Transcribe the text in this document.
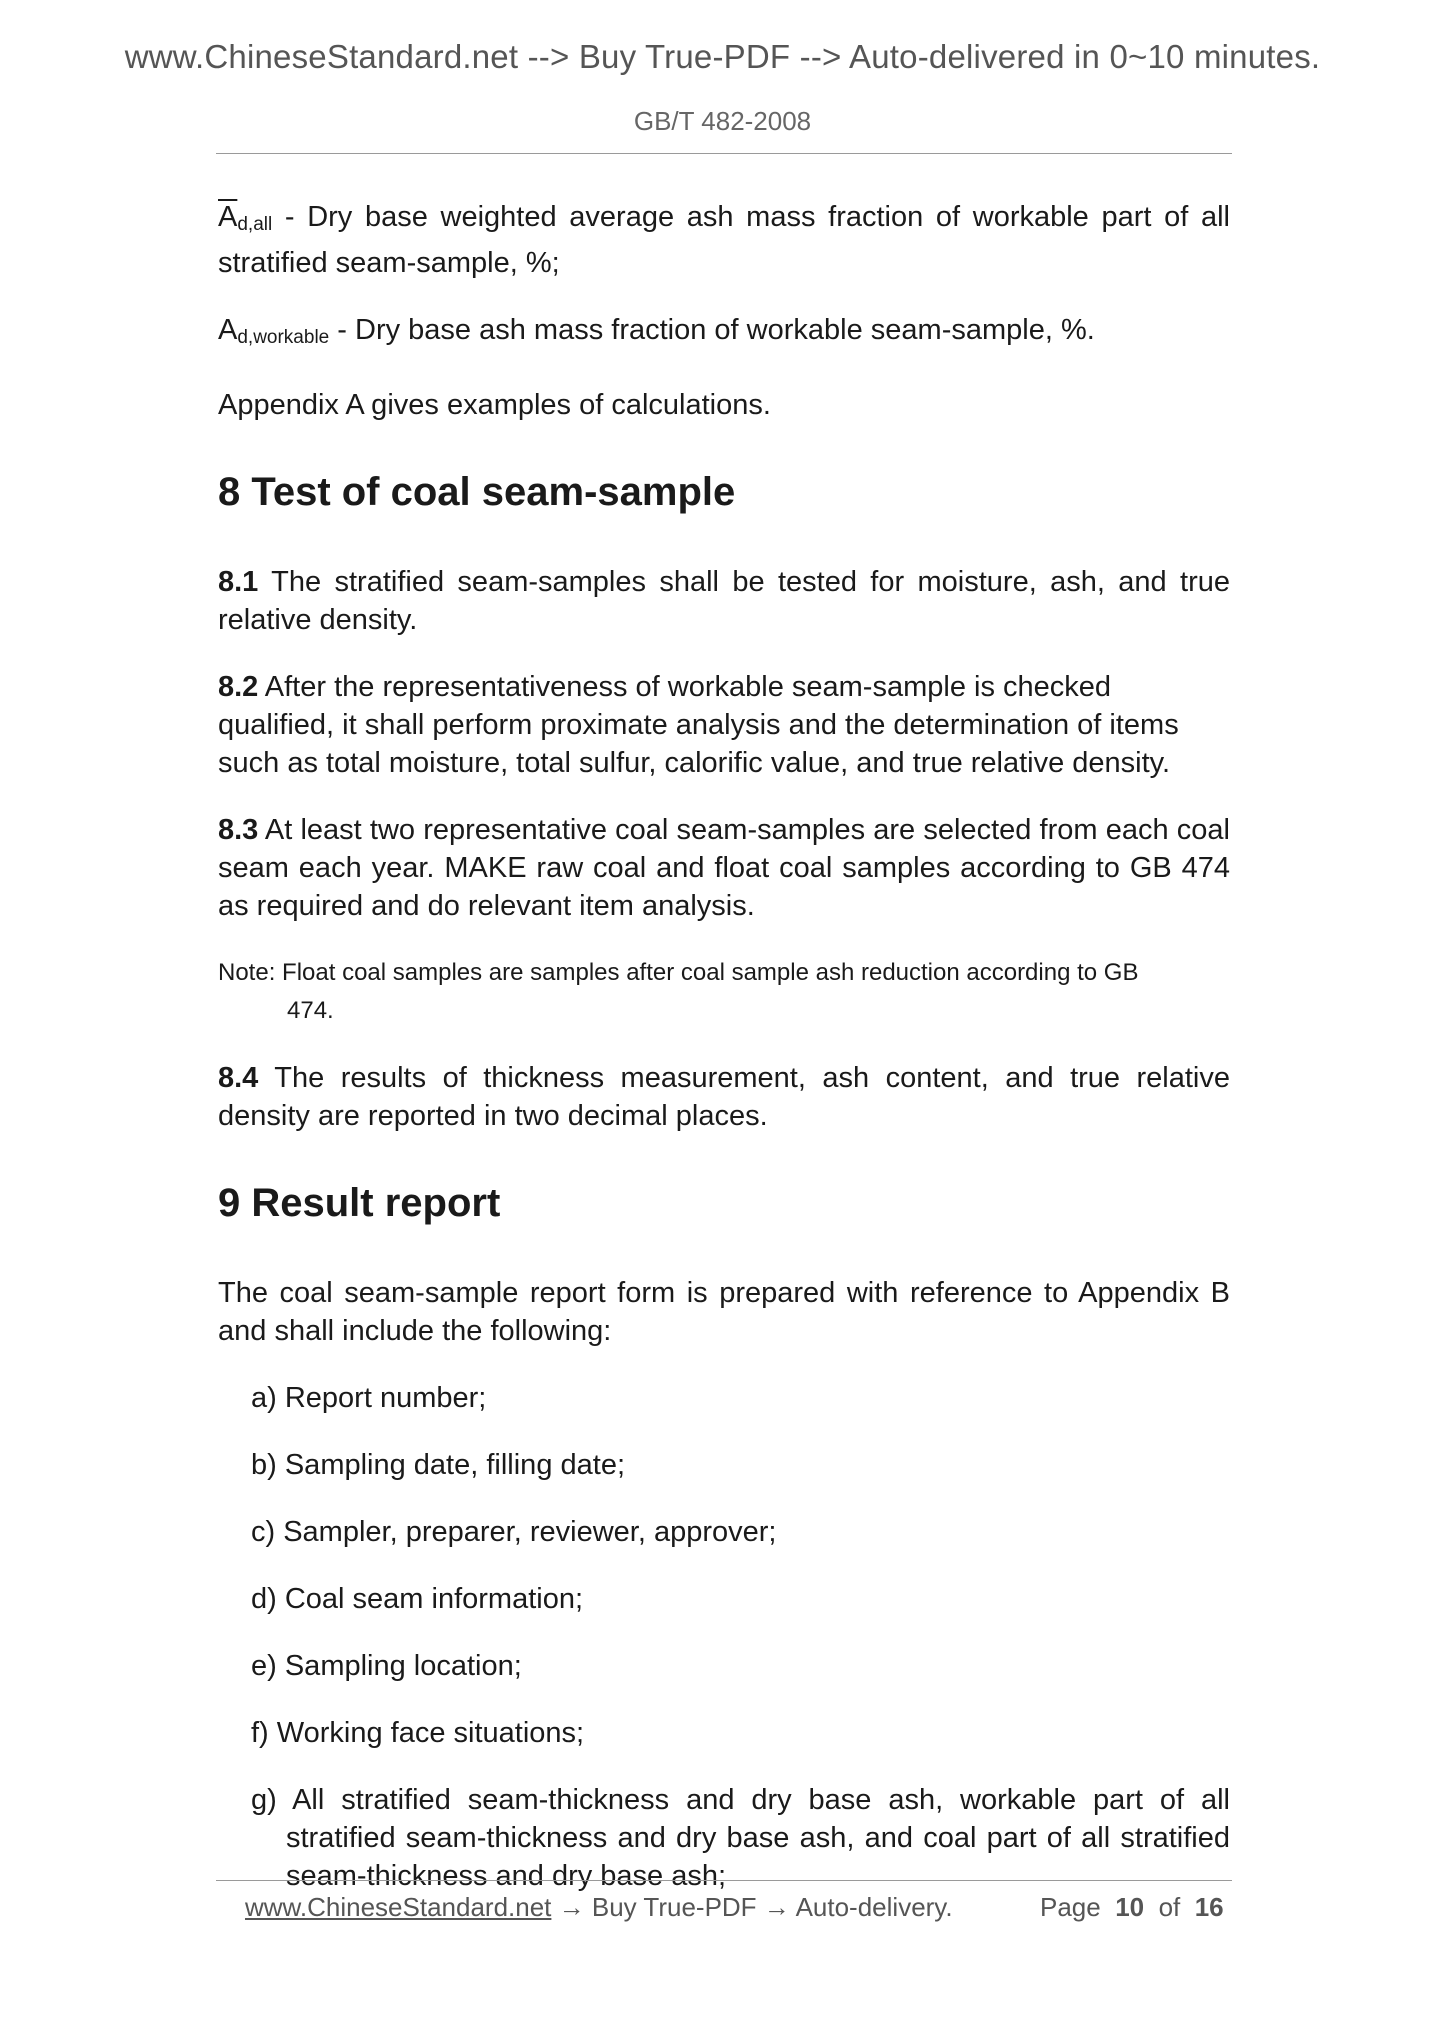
www.ChineseStandard.net --> Buy True-PDF --> Auto-delivered in 0~10 minutes.
GB/T 482-2008

$\overline{A}_{d,all}$ - Dry base weighted average ash mass fraction of workable part of all stratified seam-sample, %;

$A_{d,workable}$ - Dry base ash mass fraction of workable seam-sample, %.

Appendix A gives examples of calculations.

8 Test of coal seam-sample

8.1 The stratified seam-samples shall be tested for moisture, ash, and true relative density.

8.2 After the representativeness of workable seam-sample is checked qualified, it shall perform proximate analysis and the determination of items such as total moisture, total sulfur, calorific value, and true relative density.

8.3 At least two representative coal seam-samples are selected from each coal seam each year. MAKE raw coal and float coal samples according to GB 474 as required and do relevant item analysis.

Note: Float coal samples are samples after coal sample ash reduction according to GB
474.

8.4 The results of thickness measurement, ash content, and true relative density are reported in two decimal places.

9 Result report

The coal seam-sample report form is prepared with reference to Appendix B and shall include the following:

a) Report number;
b) Sampling date, filling date;
c) Sampler, preparer, reviewer, approver;
d) Coal seam information;
e) Sampling location;
f) Working face situations;
g) All stratified seam-thickness and dry base ash, workable part of all stratified seam-thickness and dry base ash, and coal part of all stratified seam-thickness and dry base ash;
www.ChineseStandard.net → Buy True-PDF → Auto-delivery.	Page 10 of 16
